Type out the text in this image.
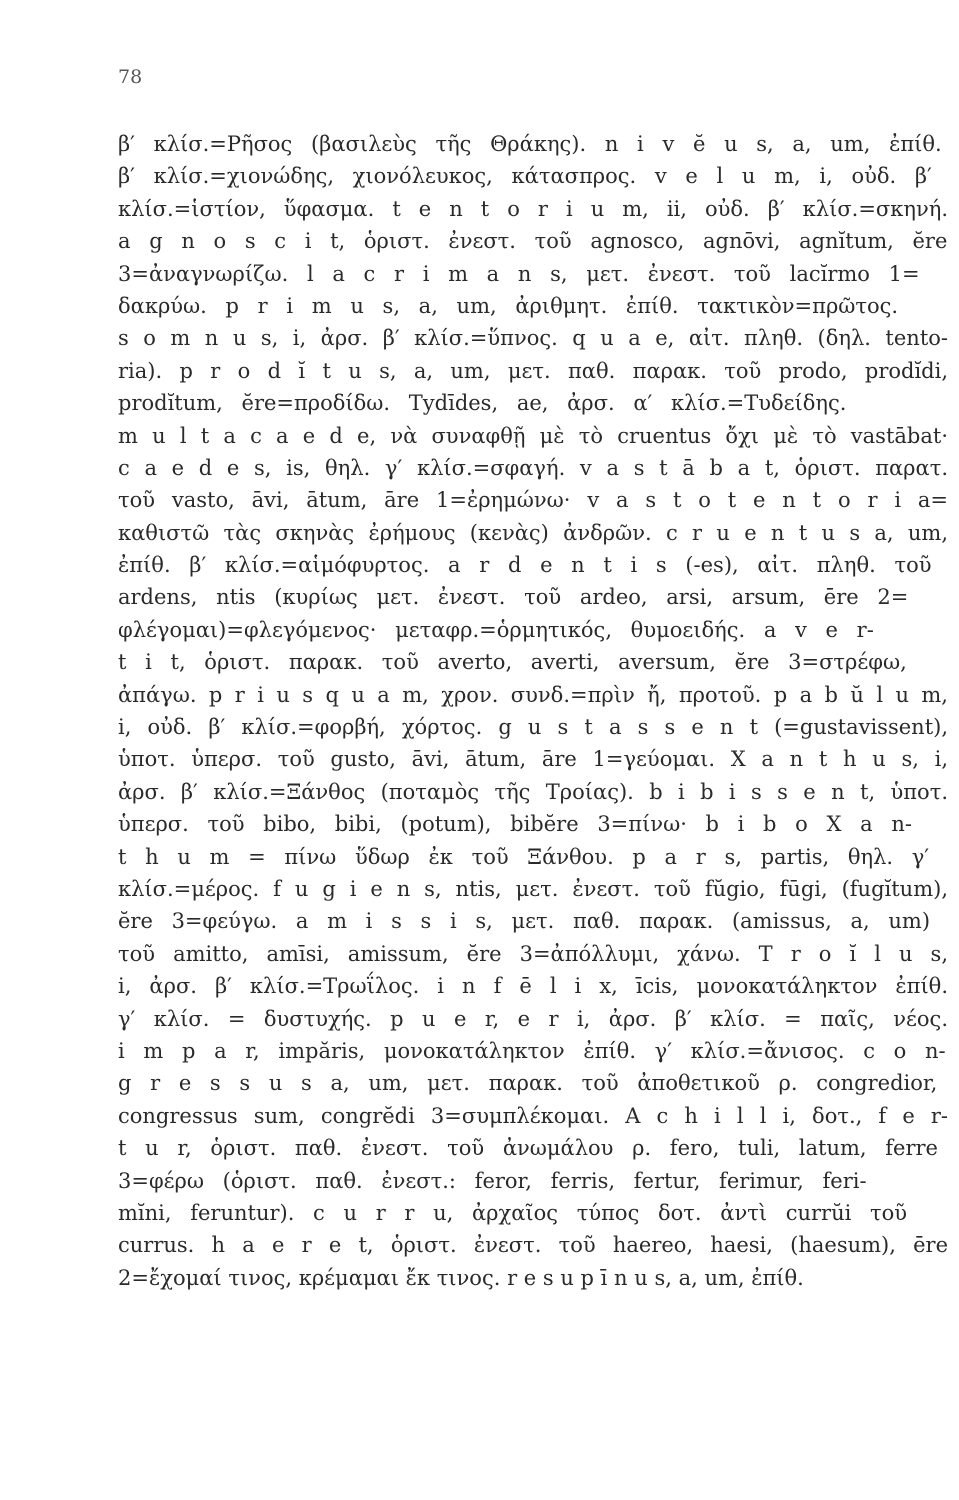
78
β′ κλίσ.=Ρῆσος (βασιλεὺς τῆς Θράκης). n i v ĕ u s, a, um, ἐπίθ.
β′ κλίσ.=χιονώδης, χιονόλευκος, κάτασπρος. v e l u m, i, οὐδ. β′
κλίσ.=ἱστίον, ὕφασμα. t e n t o r i u m, ii, οὐδ. β′ κλίσ.=σκηνή.
a g n o s c i t, ὁριστ. ἐνεστ. τοῦ agnosco, agnōvi, agnĭtum, ĕre
3=ἀναγνωρίζω. l a c r i m a n s, μετ. ἐνεστ. τοῦ lacĭrmo 1=
δακρύω. p r i m u s, a, um, ἀριθμητ. ἐπίθ. τακτικὸν=πρῶτος.
s o m n u s, i, ἀρσ. β′ κλίσ.=ὕπνος. q u a e, αἰτ. πληθ. (δηλ. tento-
ria). p r o d ĭ t u s, a, um, μετ. παθ. παρακ. τοῦ prodo, prodĭdi,
prodĭtum, ĕre=προδίδω. Tydīdes, ae, ἀρσ. α′ κλίσ.=Τυδείδης.
m u l t a c a e d e, νὰ συναφθῇ μὲ τὸ cruentus ὄχι μὲ τὸ vastābat·
c a e d e s, is, θηλ. γ′ κλίσ.=σφαγή. v a s t ā b a t, ὁριστ. παρατ.
τοῦ vasto, āvi, ātum, āre 1=ἐρημώνω· v a s t o t e n t o r i a=
καθιστῶ τὰς σκηνὰς ἐρήμους (κενὰς) ἀνδρῶν. c r u e n t u s a, um,
ἐπίθ. β′ κλίσ.=αἱμόφυρτος. a r d e n t i s (-es), αἰτ. πληθ. τοῦ
ardens, ntis (κυρίως μετ. ἐνεστ. τοῦ ardeo, arsi, arsum, ēre 2=
φλέγομαι)=φλεγόμενος· μεταφρ.=ὁρμητικός, θυμοειδής. a v e r-
t i t, ὁριστ. παρακ. τοῦ averto, averti, aversum, ĕre 3=στρέφω,
ἀπάγω. p r i u s q u a m, χρον. συνδ.=πρὶν ἤ, προτοῦ. p a b ŭ l u m,
i, οὐδ. β′ κλίσ.=φορβή, χόρτος. g u s t a s s e n t (=gustavissent),
ὑποτ. ὑπερσ. τοῦ gusto, āvi, ātum, āre 1=γεύομαι. X a n t h u s, i,
ἀρσ. β′ κλίσ.=Ξάνθος (ποταμὸς τῆς Τροίας). b i b i s s e n t, ὑποτ.
ὑπερσ. τοῦ bibo, bibi, (potum), bibĕre 3=πίνω· b i b o X a n-
t h u m = πίνω ὕδωρ ἐκ τοῦ Ξάνθου. p a r s, partis, θηλ. γ′
κλίσ.=μέρος. f u g i e n s, ntis, μετ. ἐνεστ. τοῦ fŭgio, fūgi, (fugĭtum),
ĕre 3=φεύγω. a m i s s i s, μετ. παθ. παρακ. (amissus, a, um)
τοῦ amitto, amīsi, amissum, ĕre 3=ἀπόλλυμι, χάνω. T r o ĭ l u s,
i, ἀρσ. β′ κλίσ.=Τρωΐλος. i n f ē l i x, īcis, μονοκατάληκτον ἐπίθ.
γ′ κλίσ. = δυστυχής. p u e r, e r i, ἀρσ. β′ κλίσ. = παῖς, νέος.
i m p a r, impăris, μονοκατάληκτον ἐπίθ. γ′ κλίσ.=ἄνισος. c o n-
g r e s s u s a, um, μετ. παρακ. τοῦ ἀποθετικοῦ ρ. congredior,
congressus sum, congrĕdi 3=συμπλέκομαι. A c h i l l i, δοτ., f e r-
t u r, ὁριστ. παθ. ἐνεστ. τοῦ ἀνωμάλου ρ. fero, tuli, latum, ferre
3=φέρω (ὁριστ. παθ. ἐνεστ.: feror, ferris, fertur, ferimur, feri-
mĭni, feruntur). c u r r u, ἀρχαῖος τύπος δοτ. ἀντὶ currŭi τοῦ
currus. h a e r e t, ὁριστ. ἐνεστ. τοῦ haereo, haesi, (haesum), ēre
2=ἔχομαί τινος, κρέμαμαι ἔκ τινος. r e s u p ī n u s, a, um, ἐπίθ.
